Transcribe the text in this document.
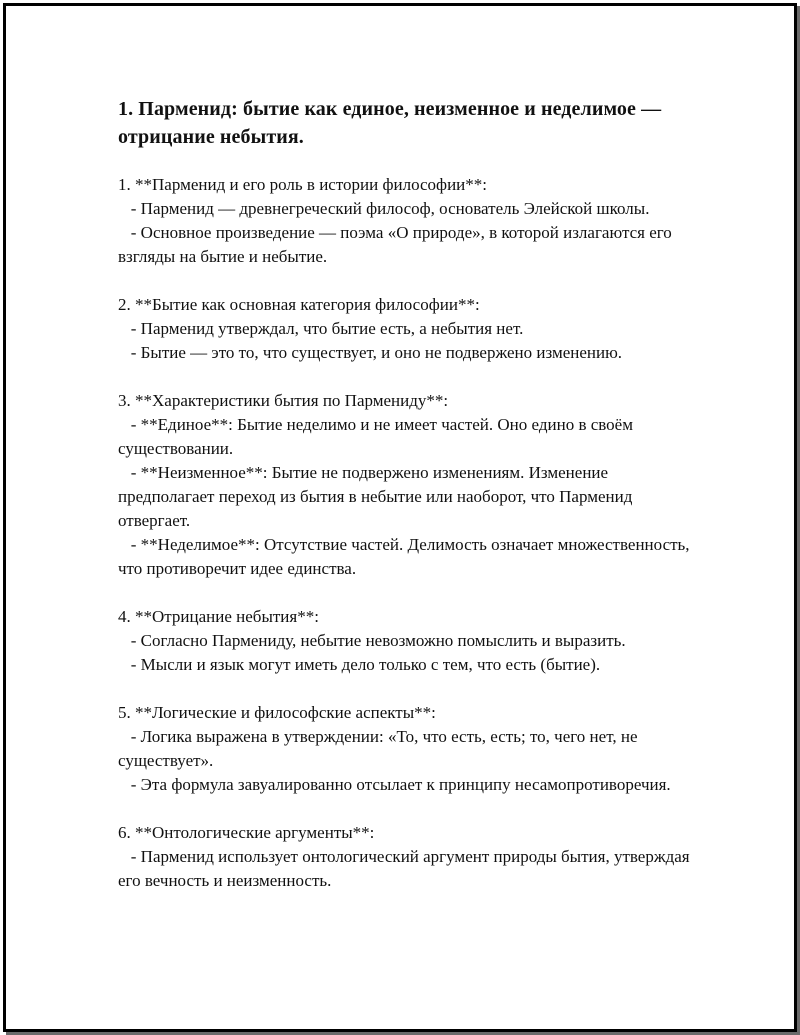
1. Парменид: бытие как единое, неизменное и неделимое — отрицание небытия.

1. **Парменид и его роль в истории философии**:

- Парменид — древнегреческий философ, основатель Элейской школы.

- Основное произведение — поэма «О природе», в которой излагаются его взгляды на бытие и небытие.

2. **Бытие как основная категория философии**:

- Парменид утверждал, что бытие есть, а небытия нет.

- Бытие — это то, что существует, и оно не подвержено изменению.

3. **Характеристики бытия по Пармениду**:

- **Единое**: Бытие неделимо и не имеет частей. Оно едино в своём существовании.

- **Неизменное**: Бытие не подвержено изменениям. Изменение предполагает переход из бытия в небытие или наоборот, что Парменид отвергает.

- **Неделимое**: Отсутствие частей. Делимость означает множественность, что противоречит идее единства.

4. **Отрицание небытия**:

- Согласно Пармениду, небытие невозможно помыслить и выразить.

- Мысли и язык могут иметь дело только с тем, что есть (бытие).

5. **Логические и философские аспекты**:

- Логика выражена в утверждении: «То, что есть, есть; то, чего нет, не существует».

- Эта формула завуалированно отсылает к принципу несамопротиворечия.

6. **Онтологические аргументы**:

- Парменид использует онтологический аргумент природы бытия, утверждая его вечность и неизменность.
